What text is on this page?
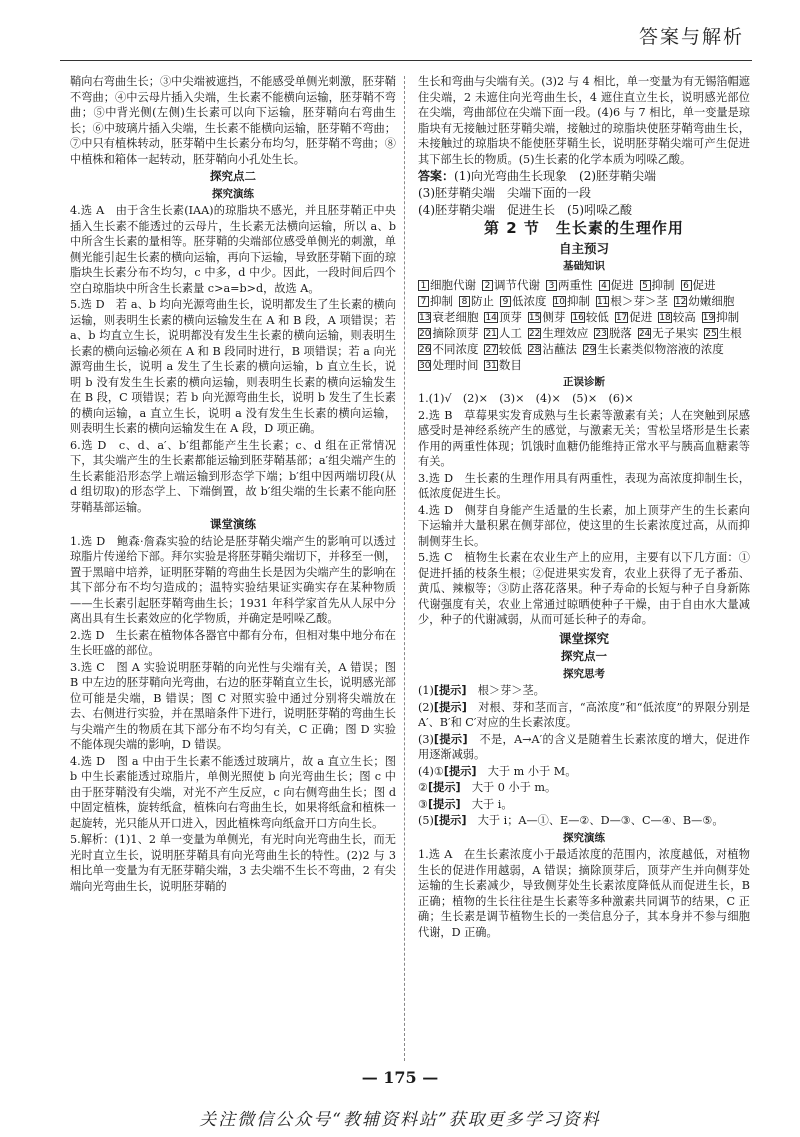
答案与解析
鞘向右弯曲生长；③中尖端被遮挡，不能感受单侧光刺激，胚芽鞘不弯曲；④中云母片插入尖端，生长素不能横向运输，胚芽鞘不弯曲；⑤中背光侧(左侧)生长素可以向下运输，胚芽鞘向右弯曲生长；⑥中玻璃片插入尖端，生长素不能横向运输，胚芽鞘不弯曲；⑦中只有植株转动，胚芽鞘中生长素分布均匀，胚芽鞘不弯曲；⑧中植株和箱体一起转动，胚芽鞘向小孔处生长。
探究点二
探究演练
4.选 A　由于含生长素(IAA)的琼脂块不感光，并且胚芽鞘正中央插入生长素不能透过的云母片，生长素无法横向运输，所以 a、b 中所含生长素的量相等。胚芽鞘的尖端部位感受单侧光的刺激，单侧光能引起生长素的横向运输，再向下运输，导致胚芽鞘下面的琼脂块生长素分布不均匀，c 中多，d 中少。因此，一段时间后四个空白琼脂块中所含生长素量 c>a=b>d，故选 A。
5.选 D　若 a、b 均向光源弯曲生长，说明都发生了生长素的横向运输，则表明生长素的横向运输发生在 A 和 B 段，A 项错误；若 a、b 均直立生长，说明都没有发生生长素的横向运输，则表明生长素的横向运输必须在 A 和 B 段同时进行，B 项错误；若 a 向光源弯曲生长，说明 a 发生了生长素的横向运输，b 直立生长，说明 b 没有发生生长素的横向运输，则表明生长素的横向运输发生在 B 段，C 项错误；若 b 向光源弯曲生长，说明 b 发生了生长素的横向运输，a 直立生长，说明 a 没有发生生长素的横向运输，则表明生长素的横向运输发生在 A 段，D 项正确。
6.选 D　c、d、a′、b′组都能产生生长素；c、d 组在正常情况下，其尖端产生的生长素都能运输到胚芽鞘基部；a′组尖端产生的生长素能沿形态学上端运输到形态学下端；b′组中因两端切段(从 d 组切取)的形态学上、下端倒置，故 b′组尖端的生长素不能向胚芽鞘基部运输。
课堂演练
1.选 D　鲍森·詹森实验的结论是胚芽鞘尖端产生的影响可以透过琼脂片传递给下部。拜尔实验是将胚芽鞘尖端切下，并移至一侧，置于黑暗中培养，证明胚芽鞘的弯曲生长是因为尖端产生的影响在其下部分布不均匀造成的；温特实验结果证实确实存在某种物质——生长素引起胚芽鞘弯曲生长；1931 年科学家首先从人尿中分离出具有生长素效应的化学物质，并确定是吲哚乙酸。
2.选 D　生长素在植物体各器官中都有分布，但相对集中地分布在生长旺盛的部位。
3.选 C　图 A 实验说明胚芽鞘的向光性与尖端有关，A 错误；图 B 中左边的胚芽鞘向光弯曲，右边的胚芽鞘直立生长，说明感光部位可能是尖端，B 错误；图 C 对照实验中通过分别将尖端放在去、右侧进行实验，并在黑暗条件下进行，说明胚芽鞘的弯曲生长与尖端产生的物质在其下部分布不均匀有关，C 正确；图 D 实验不能体现尖端的影响，D 错误。
4.选 D　图 a 中由于生长素不能透过玻璃片，故 a 直立生长；图 b 中生长素能透过琼脂片，单侧光照使 b 向光弯曲生长；图 c 中由于胚芽鞘没有尖端，对光不产生反应，c 向右侧弯曲生长；图 d 中固定植株，旋转纸盒，植株向右弯曲生长，如果将纸盒和植株一起旋转，光只能从开口进入，因此植株弯向纸盒开口方向生长。
5.解析：(1)1、2 单一变量为单侧光，有光时向光弯曲生长，而无光时直立生长，说明胚芽鞘具有向光弯曲生长的特性。(2)2 与 3 相比单一变量为有无胚芽鞘尖端，3 去尖端不生长不弯曲，2 有尖端向光弯曲生长，说明胚芽鞘的
生长和弯曲与尖端有关。(3)2 与 4 相比，单一变量为有无锡箔帽遮住尖端，2 未遮住向光弯曲生长，4 遮住直立生长，说明感光部位在尖端，弯曲部位在尖端下面一段。(4)6 与 7 相比，单一变量是琼脂块有无接触过胚芽鞘尖端，接触过的琼脂块使胚芽鞘弯曲生长，未接触过的琼脂块不能使胚芽鞘生长，说明胚芽鞘尖端可产生促进其下部生长的物质。(5)生长素的化学本质为吲哚乙酸。
答案：(1)向光弯曲生长现象　(2)胚芽鞘尖端
(3)胚芽鞘尖端　尖端下面的一段
(4)胚芽鞘尖端　促进生长　(5)吲哚乙酸
第 2 节　生长素的生理作用
自主预习
基础知识
1 细胞代谢 2 调节代谢 3 两重性 4 促进 5 抑制 6 促进
7 抑制 8 防止 9 低浓度 10 抑制 11 根＞芽＞茎 12 幼嫩细胞
13 衰老细胞 14 顶芽 15 侧芽 16 较低 17 促进 18 较高 19 抑制
20 摘除顶芽 21 人工 22 生理效应 23 脱落 24 无子果实 25 生根
26 不同浓度 27 较低 28 沾蘸法 29 生长素类似物溶液的浓度
30 处理时间 31 数目
正误诊断
1.(1)√　(2)×　(3)×　(4)×　(5)×　(6)×
2.选 B　草莓果实发育成熟与生长素等激素有关；人在突触到尿感感受时是神经系统产生的感觉，与激素无关；雪松呈塔形是生长素作用的两重性体现；饥饿时血糖仍能维持正常水平与胰高血糖素等有关。
3.选 D　生长素的生理作用具有两重性，表现为高浓度抑制生长，低浓度促进生长。
4.选 D　侧芽自身能产生适量的生长素，加上顶芽产生的生长素向下运输并大量积累在侧芽部位，使这里的生长素浓度过高，从而抑制侧芽生长。
5.选 C　植物生长素在农业生产上的应用，主要有以下几方面：①促进扦插的枝条生根；②促进果实发育，农业上获得了无子番茄、黄瓜、辣椒等；③防止落花落果。种子寿命的长短与种子自身新陈代谢强度有关，农业上常通过晾晒使种子干燥，由于自由水大量减少，种子的代谢减弱，从而可延长种子的寿命。
课堂探究
探究点一
探究思考
(1)[提示]　根＞芽＞茎。
(2)[提示]　对根、芽和茎而言，“高浓度”和“低浓度”的界限分别是 A′、B′和 C′对应的生长素浓度。
(3)[提示]　不是，A→A′的含义是随着生长素浓度的增大，促进作用逐渐减弱。
(4)①[提示]　大于 m 小于 M。
②[提示]　大于 0 小于 m。
③[提示]　大于 i。
(5)[提示]　大于 i；A—①、E—②、D—③、C—④、B—⑤。
探究演练
1.选 A　在生长素浓度小于最适浓度的范围内，浓度越低，对植物生长的促进作用越弱，A 错误；摘除顶芽后，顶芽产生并向侧芽处运输的生长素减少，导致侧芽处生长素浓度降低从而促进生长，B 正确；植物的生长往往是生长素等多种激素共同调节的结果，C 正确；生长素是调节植物生长的一类信息分子，其本身并不参与细胞代谢，D 正确。
— 175 —
关注微信公众号“教辅资料站”获取更多学习资料
